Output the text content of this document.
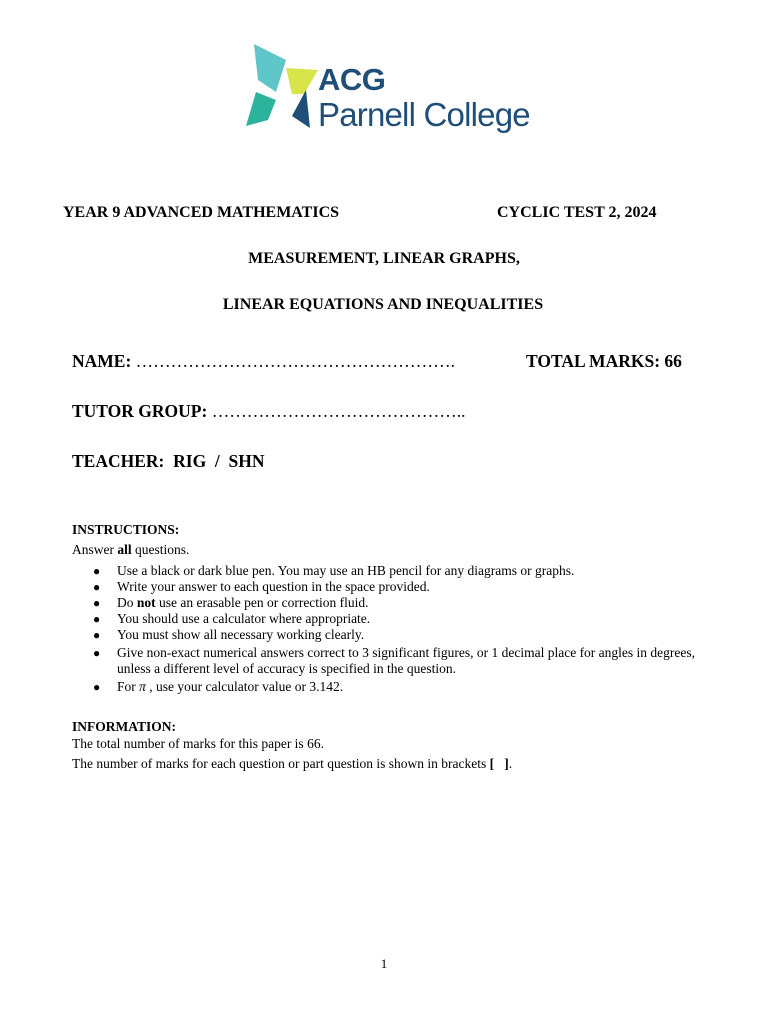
ACG
Parnell College
YEAR 9 ADVANCED MATHEMATICS	CYCLIC TEST 2, 2024
MEASUREMENT, LINEAR GRAPHS,
LINEAR EQUATIONS AND INEQUALITIES
NAME: ……………………………………………….	TOTAL MARKS: 66
TUTOR GROUP: ……………………………………..
TEACHER:  RIG  /  SHN
INSTRUCTIONS:
Answer all questions.
● Use a black or dark blue pen. You may use an HB pencil for any diagrams or graphs.
● Write your answer to each question in the space provided.
● Do not use an erasable pen or correction fluid.
● You should use a calculator where appropriate.
● You must show all necessary working clearly.
● Give non-exact numerical answers correct to 3 significant figures, or 1 decimal place for angles in degrees,
unless a different level of accuracy is specified in the question.
● For π , use your calculator value or 3.142.
INFORMATION:
The total number of marks for this paper is 66.
The number of marks for each question or part question is shown in brackets [   ].
1
